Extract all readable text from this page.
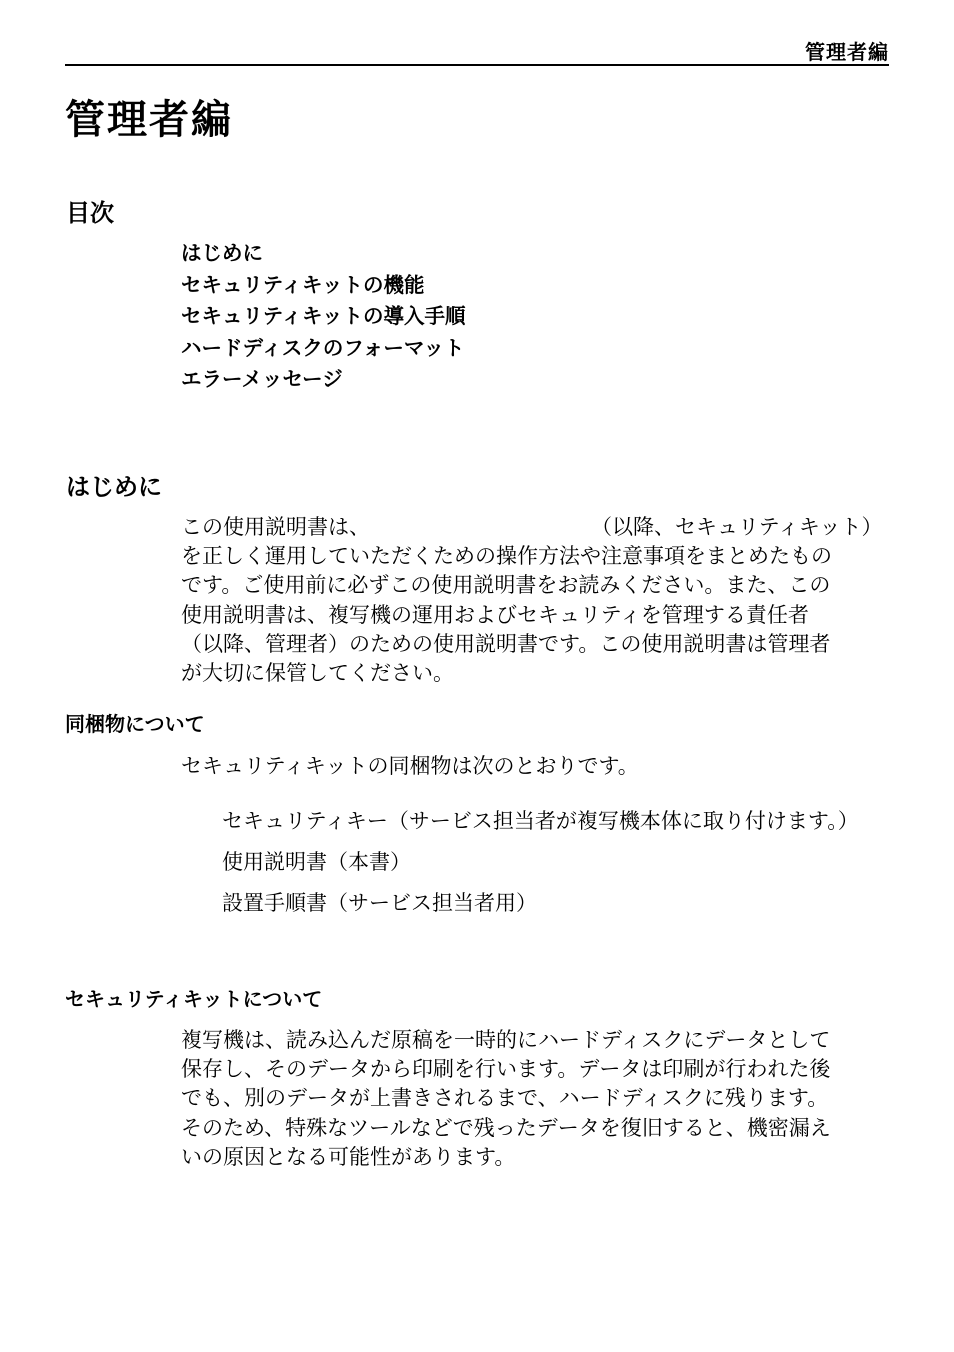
管理者編
管理者編
目次
はじめに
セキュリティキットの機能
セキュリティキットの導入手順
ハードディスクのフォーマット
エラーメッセージ
はじめに
この使用説明書は、	（以降、セキュリティキット）
を正しく運用していただくための操作方法や注意事項をまとめたもの
です。ご使用前に必ずこの使用説明書をお読みください。また、この
使用説明書は、複写機の運用およびセキュリティを管理する責任者
（以降、管理者）のための使用説明書です。この使用説明書は管理者
が大切に保管してください。
同梱物について

セキュリティキットの同梱物は次のとおりです。

セキュリティキー（サービス担当者が複写機本体に取り付けます。）
使用説明書（本書）
設置手順書（サービス担当者用）
セキュリティキットについて
複写機は、読み込んだ原稿を一時的にハードディスクにデータとして
保存し、そのデータから印刷を行います。データは印刷が行われた後
でも、別のデータが上書きされるまで、ハードディスクに残ります。
そのため、特殊なツールなどで残ったデータを復旧すると、機密漏え
いの原因となる可能性があります。
